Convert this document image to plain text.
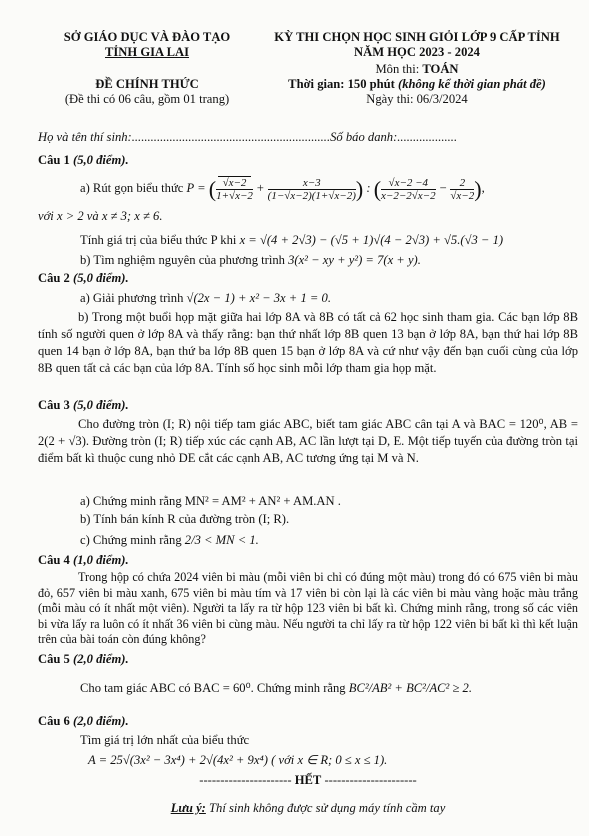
SỞ GIÁO DỤC VÀ ĐÀO TẠO
TỈNH GIA LAI
ĐỀ CHÍNH THỨC
(Đề thi có 06 câu, gồm 01 trang)
KỲ THI CHỌN HỌC SINH GIỎI LỚP 9 CẤP TỈNH
NĂM HỌC 2023 - 2024
Môn thi: TOÁN
Thời gian: 150 phút (không kể thời gian phát đề)
Ngày thi: 06/3/2024
Họ và tên thí sinh:...............................................................Số báo danh:...................
Câu 1 (5,0 điểm).
a) Rút gọn biểu thức P = ( $\frac{√x-2}{1+√x-2} + \frac{x-3}{(1-√x-2)(1+√x-2)}$ ) : ( $\frac{√x-2 -4}{x-2-2√x-2} - \frac{2}{√x-2}$ ),
với x > 2 và x ≠ 3; x ≠ 6.
Tính giá trị của biểu thức P khi x = √(4 + 2√3) − (√5 + 1)√(4 − 2√3) + √5.(√3 − 1)
b) Tìm nghiệm nguyên của phương trình 3(x² − xy + y²) = 7(x + y).
Câu 2 (5,0 điểm).
a) Giải phương trình √(2x − 1) + x² − 3x + 1 = 0.
b) Trong một buổi họp mặt giữa hai lớp 8A và 8B có tất cả 62 học sinh tham gia. Các bạn lớp 8B tính số người quen ở lớp 8A và thấy rằng: bạn thứ nhất lớp 8B quen 13 bạn ở lớp 8A, bạn thứ hai lớp 8B quen 14 bạn ở lớp 8A, bạn thứ ba lớp 8B quen 15 bạn ở lớp 8A và cứ như vậy đến bạn cuối cùng của lớp 8B quen tất cả các bạn của lớp 8A. Tính số học sinh mỗi lớp tham gia họp mặt.
Câu 3 (5,0 điểm).
Cho đường tròn (I; R) nội tiếp tam giác ABC, biết tam giác ABC cân tại A và BAC = 120⁰, AB = 2(2 + √3). Đường tròn (I; R) tiếp xúc các cạnh AB, AC lần lượt tại D, E. Một tiếp tuyến của đường tròn tại điểm bất kì thuộc cung nhỏ DE cắt các cạnh AB, AC tương ứng tại M và N.
a) Chứng minh rằng MN² = AM² + AN² + AM.AN .
b) Tính bán kính R của đường tròn (I; R).
c) Chứng minh rằng 2/3 < MN < 1.
Câu 4 (1,0 điểm).
Trong hộp có chứa 2024 viên bi màu (mỗi viên bi chỉ có đúng một màu) trong đó có 675 viên bi màu đỏ, 657 viên bi màu xanh, 675 viên bi màu tím và 17 viên bi còn lại là các viên bi màu vàng hoặc màu trắng (mỗi màu có ít nhất một viên). Người ta lấy ra từ hộp 123 viên bi bất kì. Chứng minh rằng, trong số các viên bi vừa lấy ra luôn có ít nhất 36 viên bi cùng màu. Nếu người ta chỉ lấy ra từ hộp 122 viên bi bất kì thì kết luận trên của bài toán còn đúng không?
Câu 5 (2,0 điểm).
Cho tam giác ABC có BAC = 60⁰. Chứng minh rằng BC²/AB² + BC²/AC² ≥ 2.
Câu 6 (2,0 điểm).
Tìm giá trị lớn nhất của biểu thức
A = 25√(3x² − 3x⁴) + 2√(4x² + 9x⁴) ( với x ∈ R; 0 ≤ x ≤ 1).
---------------------- HẾT ----------------------
Lưu ý: Thí sinh không được sử dụng máy tính cầm tay
